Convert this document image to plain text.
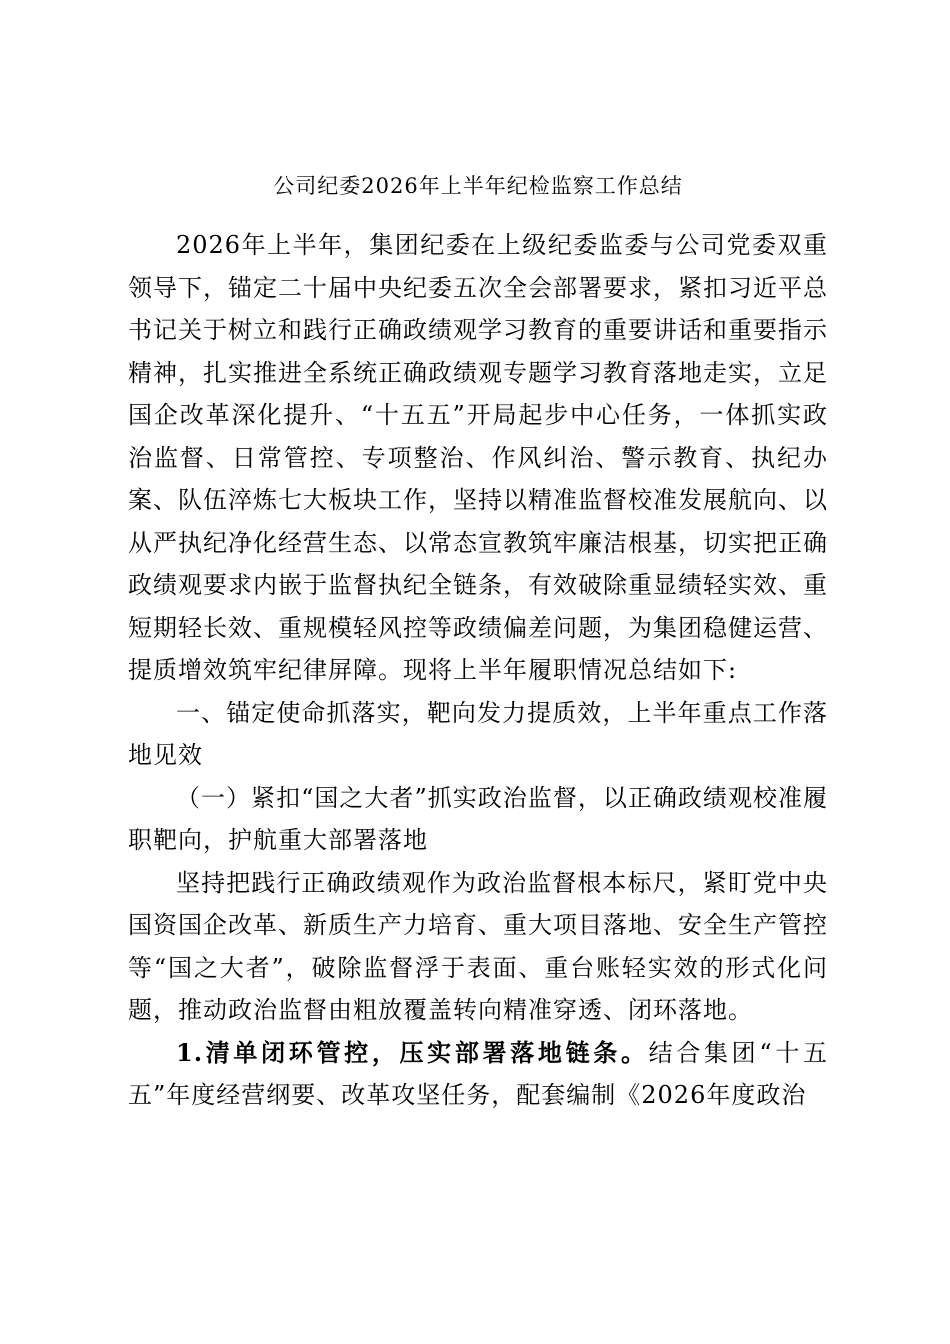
公司纪委2026年上半年纪检监察工作总结

2026年上半年，集团纪委在上级纪委监委与公司党委双重领导下，锚定二十届中央纪委五次全会部署要求，紧扣习近平总书记关于树立和践行正确政绩观学习教育的重要讲话和重要指示精神，扎实推进全系统正确政绩观专题学习教育落地走实，立足国企改革深化提升、“十五五”开局起步中心任务，一体抓实政治监督、日常管控、专项整治、作风纠治、警示教育、执纪办案、队伍淬炼七大板块工作，坚持以精准监督校准发展航向、以从严执纪净化经营生态、以常态宣教筑牢廉洁根基，切实把正确政绩观要求内嵌于监督执纪全链条，有效破除重显绩轻实效、重短期轻长效、重规模轻风控等政绩偏差问题，为集团稳健运营、提质增效筑牢纪律屏障。现将上半年履职情况总结如下:

一、锚定使命抓落实，靶向发力提质效，上半年重点工作落地见效

（一）紧扣“国之大者”抓实政治监督，以正确政绩观校准履职靶向，护航重大部署落地

坚持把践行正确政绩观作为政治监督根本标尺，紧盯党中央国资国企改革、新质生产力培育、重大项目落地、安全生产管控等“国之大者”，破除监督浮于表面、重台账轻实效的形式化问题，推动政治监督由粗放覆盖转向精准穿透、闭环落地。

1.清单闭环管控，压实部署落地链条。结合集团“十五五”年度经营纲要、改革攻坚任务，配套编制《2026年度政治
